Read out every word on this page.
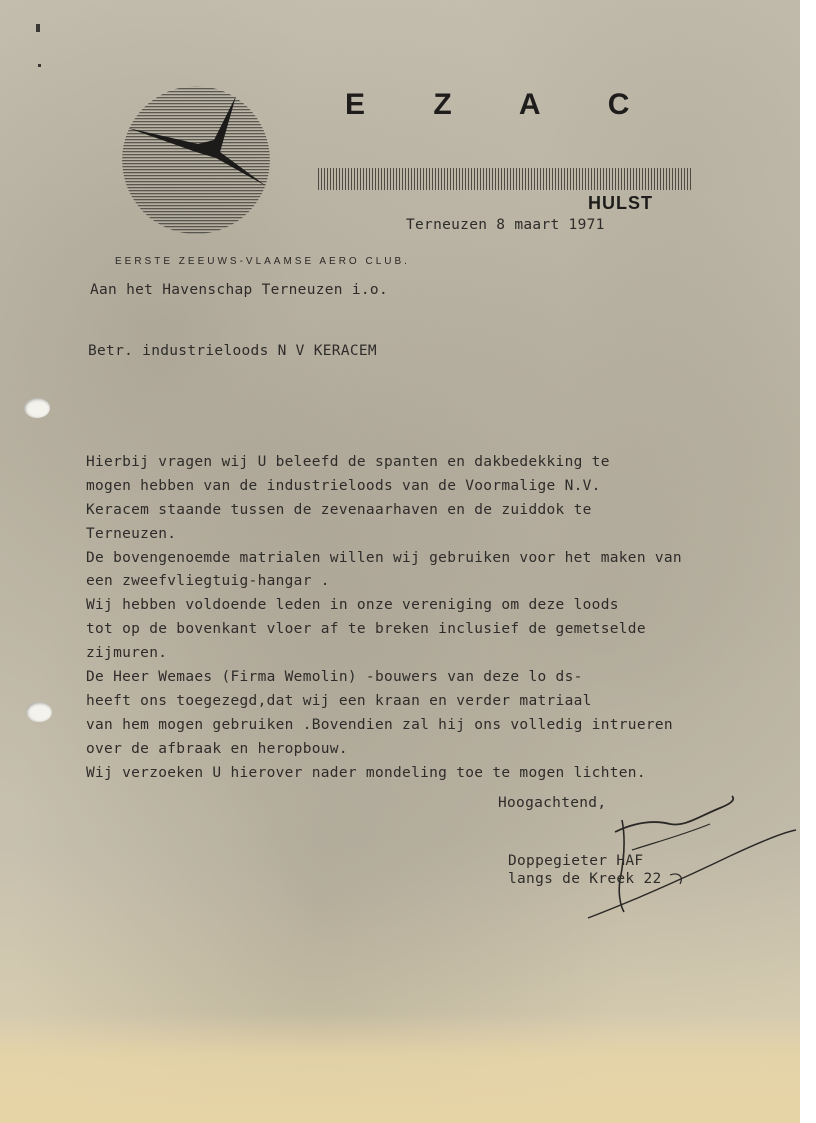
E Z A C
HULST
Terneuzen 8 maart 1971
EERSTE ZEEUWS-VLAAMSE AERO CLUB.
Aan het Havenschap Terneuzen i.o.
Betr. industrieloods N V KERACEM
Hierbij vragen wij U beleefd de spanten en dakbedekking te
mogen hebben van de industrieloods van de Voormalige N.V.
Keracem staande tussen de zevenaarhaven en de zuiddok te
Terneuzen.
De bovengenoemde matrialen willen wij gebruiken voor het maken van
een zweefvliegtuig-hangar .
Wij hebben voldoende leden in onze vereniging om deze loods
tot op de bovenkant vloer af te breken inclusief de gemetselde
zijmuren.
De Heer Wemaes (Firma Wemolin) -bouwers van deze lo ds-
heeft ons toegezegd,dat wij een kraan en verder matriaal
van hem mogen gebruiken .Bovendien zal hij ons volledig intrueren
over de afbraak en heropbouw.
Wij verzoeken U hierover nader mondeling toe te mogen lichten.
Hoogachtend,
Doppegieter HAF
langs de Kreek 22
